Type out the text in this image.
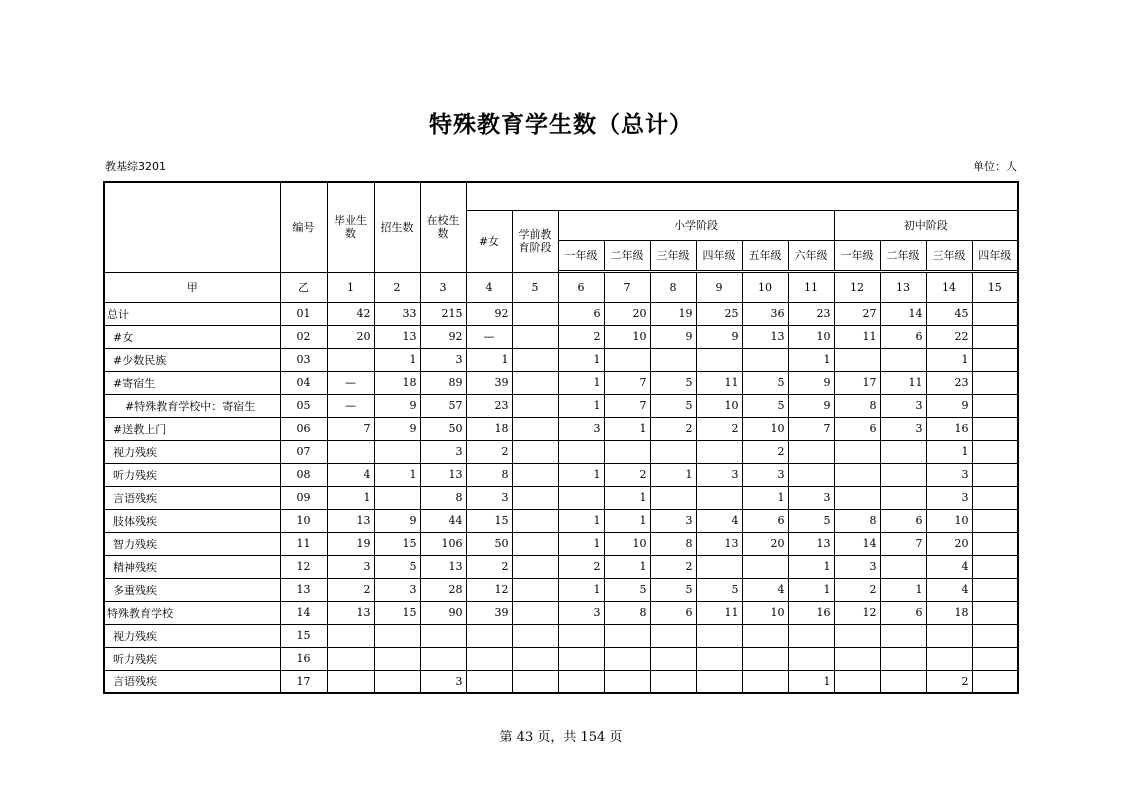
特殊教育学生数（总计）
教基综3201	单位：人
	编号	毕业生数	招生数	在校生数												
					#女	学前教育阶段	小学阶段						初中阶段			
							一年级	二年级	三年级	四年级	五年级	六年级	一年级	二年级	三年级	四年级

甲	乙	1	2	3	4	5	6	7	8	9	10	11	12	13	14	15
总计	01	42	33	215	92		6	20	19	25	36	23	27	14	45	
#女	02	20	13	92	—		2	10	9	9	13	10	11	6	22	
#少数民族	03		1	3	1		1					1			1	
#寄宿生	04	—	18	89	39		1	7	5	11	5	9	17	11	23	
#特殊教育学校中：寄宿生	05	—	9	57	23		1	7	5	10	5	9	8	3	9	
#送教上门	06	7	9	50	18		3	1	2	2	10	7	6	3	16	
视力残疾	07			3	2						2				1	
听力残疾	08	4	1	13	8		1	2	1	3	3				3	
言语残疾	09	1		8	3			1			1	3			3	
肢体残疾	10	13	9	44	15		1	1	3	4	6	5	8	6	10	
智力残疾	11	19	15	106	50		1	10	8	13	20	13	14	7	20	
精神残疾	12	3	5	13	2		2	1	2			1	3		4	
多重残疾	13	2	3	28	12		1	5	5	5	4	1	2	1	4	
特殊教育学校	14	13	15	90	39		3	8	6	11	10	16	12	6	18	
视力残疾	15															
听力残疾	16															
言语残疾	17			3								1			2	
第 43 页，共 154 页
